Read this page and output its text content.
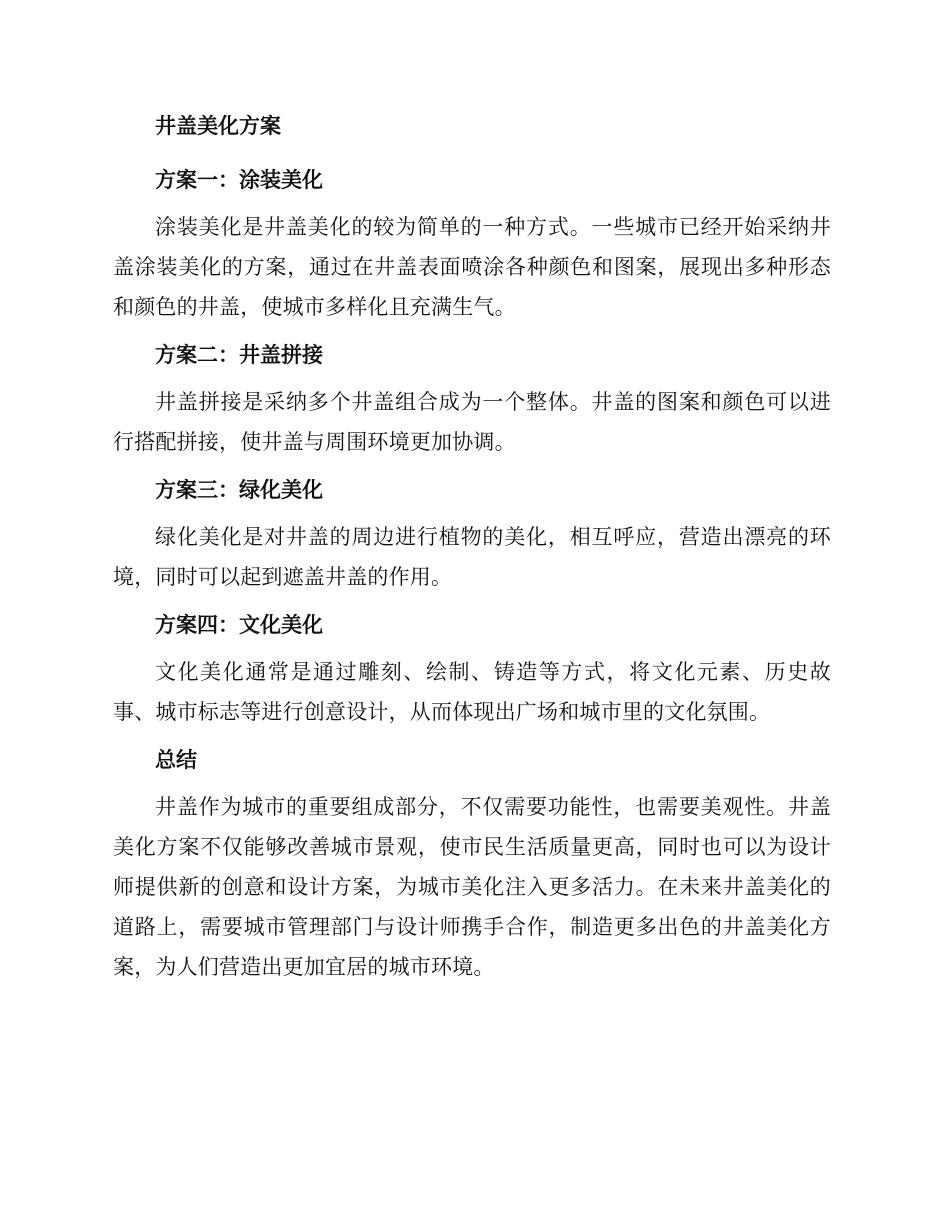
井盖美化方案
方案一：涂装美化

涂装美化是井盖美化的较为简单的一种方式。一些城市已经开始采纳井盖涂装美化的方案，通过在井盖表面喷涂各种颜色和图案，展现出多种形态和颜色的井盖，使城市多样化且充满生气。

方案二：井盖拼接

井盖拼接是采纳多个井盖组合成为一个整体。井盖的图案和颜色可以进行搭配拼接，使井盖与周围环境更加协调。

方案三：绿化美化

绿化美化是对井盖的周边进行植物的美化，相互呼应，营造出漂亮的环境，同时可以起到遮盖井盖的作用。

方案四：文化美化

文化美化通常是通过雕刻、绘制、铸造等方式，将文化元素、历史故事、城市标志等进行创意设计，从而体现出广场和城市里的文化氛围。

总结

井盖作为城市的重要组成部分，不仅需要功能性，也需要美观性。井盖美化方案不仅能够改善城市景观，使市民生活质量更高，同时也可以为设计师提供新的创意和设计方案，为城市美化注入更多活力。在未来井盖美化的道路上，需要城市管理部门与设计师携手合作，制造更多出色的井盖美化方案，为人们营造出更加宜居的城市环境。
